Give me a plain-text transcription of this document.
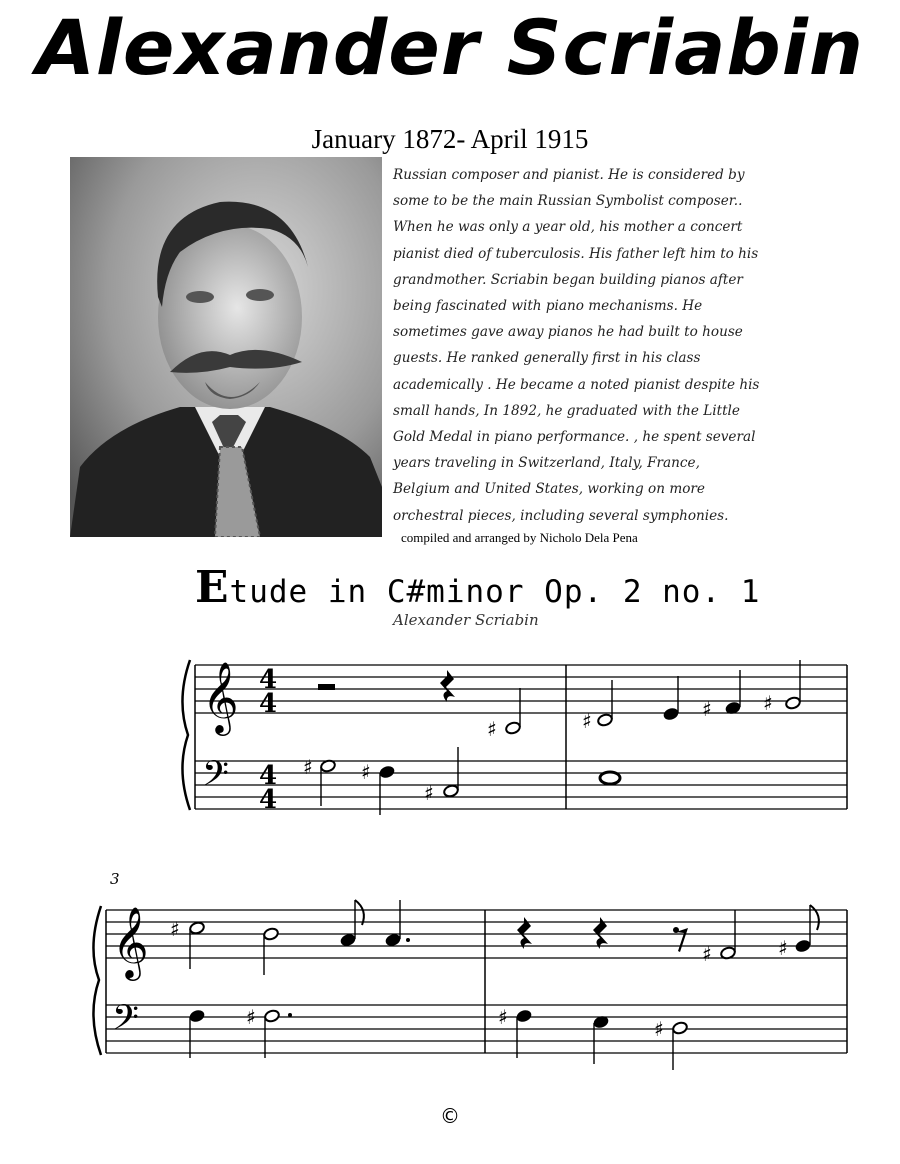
Alexander Scriabin
January 1872- April 1915
Russian composer and pianist. He is considered by
some to be the main Russian Symbolist composer..
When he was only a year old, his mother a concert
pianist died of tuberculosis. His father left him to his
grandmother. Scriabin began building pianos after
being fascinated with piano mechanisms. He
sometimes gave away pianos he had built to house
guests. He ranked generally first in his class
academically . He became a noted pianist despite his
small hands, In 1892, he graduated with the Little
Gold Medal in piano performance. , he spent several
years traveling in Switzerland, Italy, France,
Belgium and United States, working on more
orchestral pieces, including several symphonies.
compiled and arranged by Nicholo Dela Pena
Etude in C#minor Op. 2 no. 1
Alexander Scriabin
𝄞
𝄢
𝄞
𝄢
4
4
4
4
3
♯	♯	♯	♯
♯ ♯
♯
♯
♯	♯
♯	♯	♯
©
